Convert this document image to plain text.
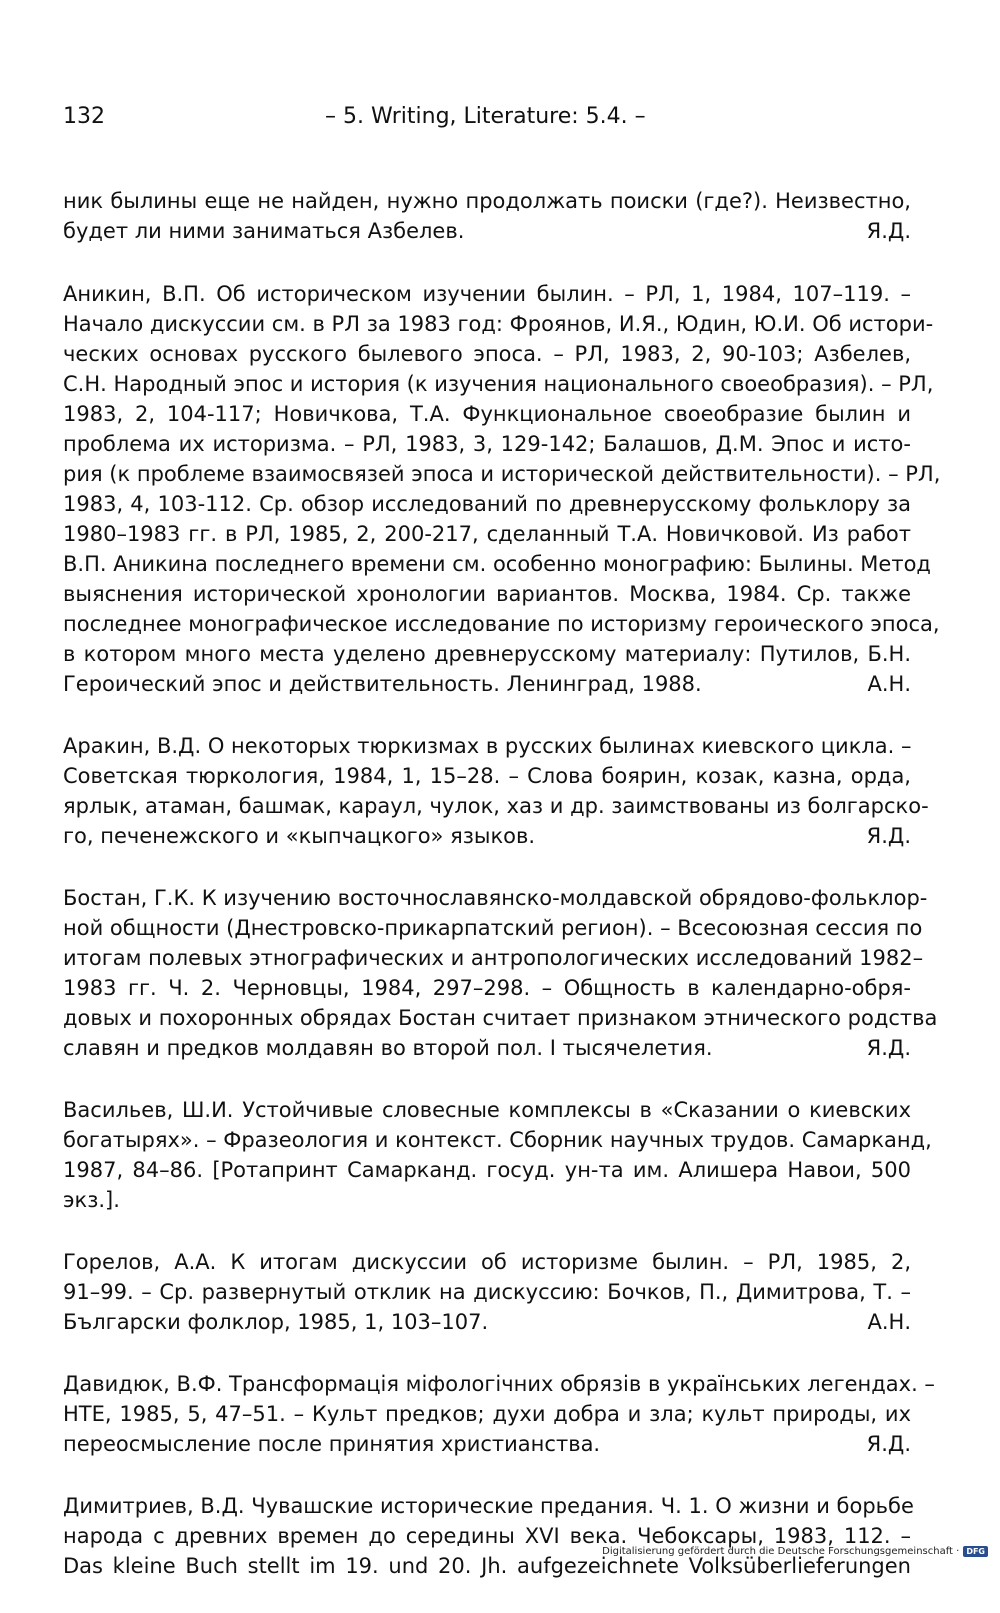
132	– 5. Writing, Literature: 5.4. –
ник былины еще не найден, нужно продолжать поиски (где?). Неизвестно,
будет ли ними заниматься Азбелев.	Я.Д.
Аникин, В.П. Об историческом изучении былин. – РЛ, 1, 1984, 107–119. –
Начало дискуссии см. в РЛ за 1983 год: Фроянов, И.Я., Юдин, Ю.И. Об истори-
ческих основах русского былевого эпоса. – РЛ, 1983, 2, 90-103; Азбелев,
С.Н. Народный эпос и история (к изучения национального своеобразия). – РЛ,
1983, 2, 104-117; Новичкова, Т.А. Функциональное своеобразие былин и
проблема их историзма. – РЛ, 1983, 3, 129-142; Балашов, Д.М. Эпос и исто-
рия (к проблеме взаимосвязей эпоса и исторической действительности). – РЛ,
1983, 4, 103-112. Ср. обзор исследований по древнерусскому фольклору за
1980–1983 гг. в РЛ, 1985, 2, 200-217, сделанный Т.А. Новичковой. Из работ
В.П. Аникина последнего времени см. особенно монографию: Былины. Метод
выяснения исторической хронологии вариантов. Москва, 1984. Ср. также
последнее монографическое исследование по историзму героического эпоса,
в котором много места уделено древнерусскому материалу: Путилов, Б.Н.
Героический эпос и действительность. Ленинград, 1988.	А.Н.
Аракин, В.Д. О некоторых тюркизмах в русских былинах киевского цикла. –
Советская тюркология, 1984, 1, 15–28. – Слова боярин, козак, казна, орда,
ярлык, атаман, башмак, караул, чулок, хаз и др. заимствованы из болгарско-
го, печенежского и «кыпчацкого» языков.	Я.Д.
Бостан, Г.К. К изучению восточнославянско-молдавской обрядово-фольклор-
ной общности (Днестровско-прикарпатский регион). – Всесоюзная сессия по
итогам полевых этнографических и антропологических исследований 1982–
1983 гг. Ч. 2. Черновцы, 1984, 297–298. – Общность в календарно-обря-
довых и похоронных обрядах Бостан считает признаком этнического родства
славян и предков молдавян во второй пол. I тысячелетия.	Я.Д.
Васильев, Ш.И. Устойчивые словесные комплексы в «Сказании о киевских
богатырях». – Фразеология и контекст. Сборник научных трудов. Самарканд,
1987, 84–86. [Ротапринт Самарканд. госуд. ун-та им. Алишера Навои, 500
экз.].
Горелов, А.А. К итогам дискуссии об историзме былин. – РЛ, 1985, 2,
91–99. – Ср. развернутый отклик на дискуссию: Бочков, П., Димитрова, Т. –
Български фолклор, 1985, 1, 103–107.	А.Н.
Давидюк, В.Ф. Трансформація міфологічних обрязів в українських легендах. –
НТЕ, 1985, 5, 47–51. – Культ предков; духи добра и зла; культ природы, их
переосмысление после принятия христианства.	Я.Д.
Димитриев, В.Д. Чувашские исторические предания. Ч. 1. О жизни и борьбе
народа с древних времен до середины XVI века. Чебоксары, 1983, 112. –
Das kleine Buch stellt im 19. und 20. Jh. aufgezeichnete Volksüberlieferungen
Digitalisierung gefördert durch die Deutsche Forschungsgemeinschaft · DFG
